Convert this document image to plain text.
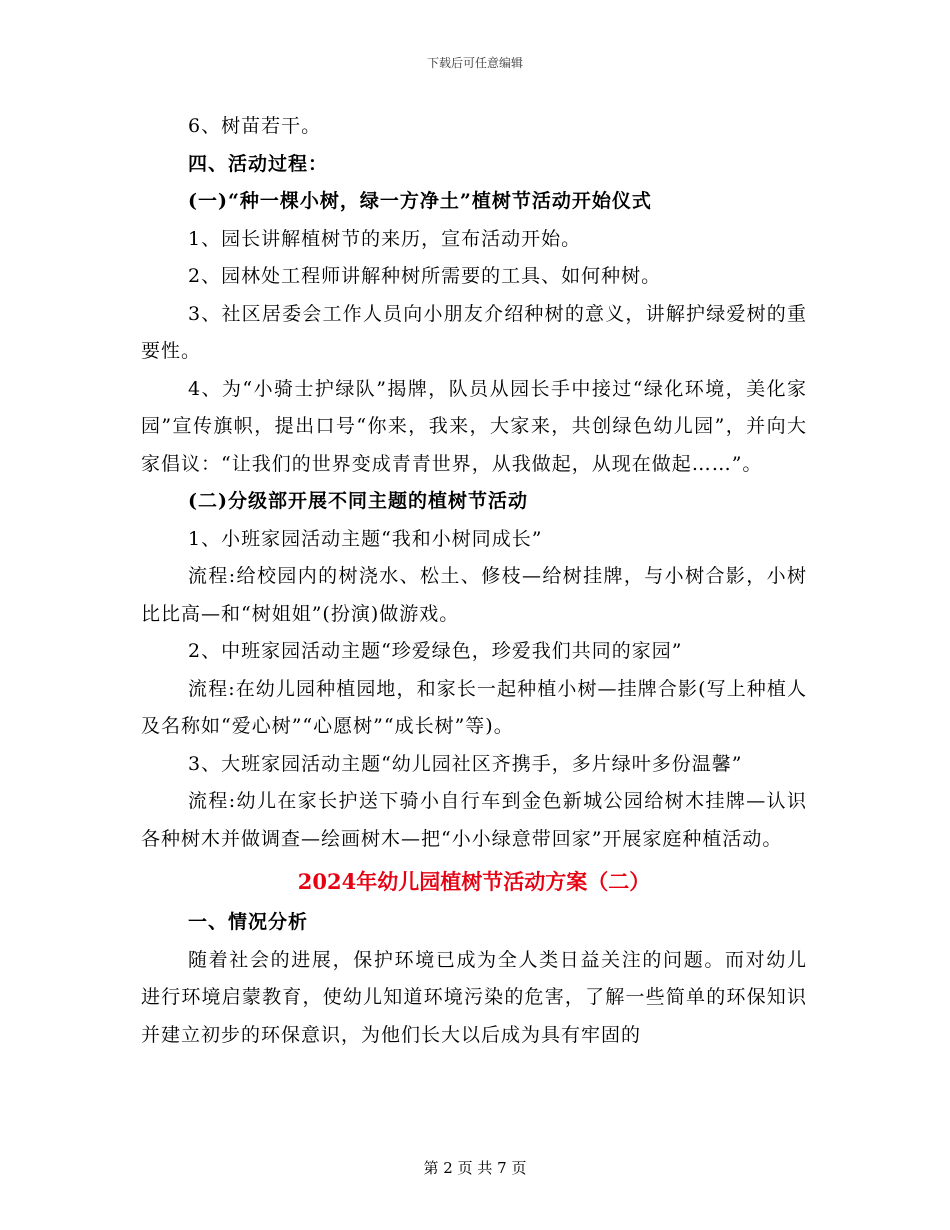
下载后可任意编辑

6、树苗若干。

四、活动过程：

(一)“种一棵小树，绿一方净土”植树节活动开始仪式

1、园长讲解植树节的来历，宣布活动开始。

2、园林处工程师讲解种树所需要的工具、如何种树。

3、社区居委会工作人员向小朋友介绍种树的意义，讲解护绿爱树的重要性。

4、为“小骑士护绿队”揭牌，队员从园长手中接过“绿化环境，美化家园”宣传旗帜，提出口号“你来，我来，大家来，共创绿色幼儿园”，并向大家倡议：“让我们的世界变成青青世界，从我做起，从现在做起……”。

(二)分级部开展不同主题的植树节活动

1、小班家园活动主题“我和小树同成长”

流程:给校园内的树浇水、松土、修枝—给树挂牌，与小树合影，小树比比高—和“树姐姐”(扮演)做游戏。

2、中班家园活动主题“珍爱绿色，珍爱我们共同的家园”

流程:在幼儿园种植园地，和家长一起种植小树—挂牌合影(写上种植人及名称如“爱心树”“心愿树”“成长树”等)。

3、大班家园活动主题“幼儿园社区齐携手，多片绿叶多份温馨”

流程:幼儿在家长护送下骑小自行车到金色新城公园给树木挂牌—认识各种树木并做调查—绘画树木—把“小小绿意带回家”开展家庭种植活动。

2024年幼儿园植树节活动方案（二）

一、情况分析

随着社会的进展，保护环境已成为全人类日益关注的问题。而对幼儿进行环境启蒙教育，使幼儿知道环境污染的危害，了解一些简单的环保知识并建立初步的环保意识，为他们长大以后成为具有牢固的

第 2 页 共 7 页
